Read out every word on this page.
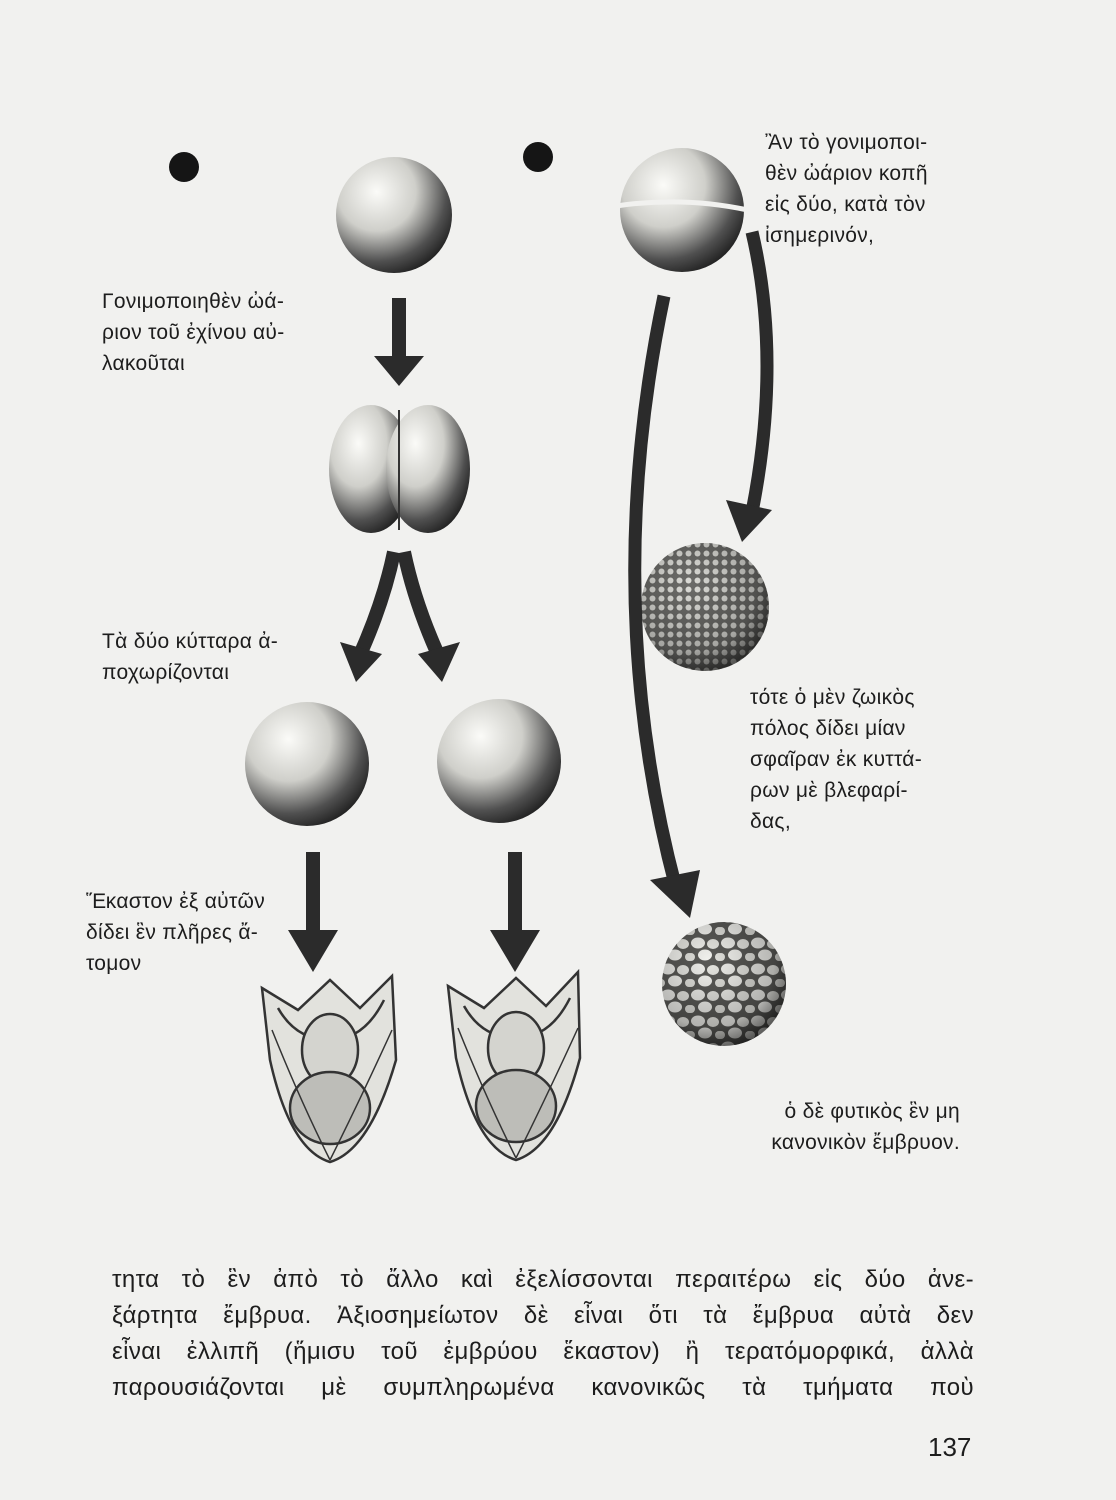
Γονιμοποιηθὲν ὠά-
ριον τοῦ ἐχίνου αὐ-
λακοῦται
Τὰ δύο κύτταρα ἀ-
ποχωρίζονται
Ἕκαστον ἐξ αὐτῶν
δίδει ἓν πλῆρες ἄ-
τομον
Ἂν τὸ γονιμοποι-
θὲν ὠάριον κοπῆ
εἰς δύο, κατὰ τὸν
ἰσημερινόν,
τότε ὁ μὲν ζωικὸς
πόλος δίδει μίαν
σφαῖραν ἐκ κυττά-
ρων μὲ βλεφαρί-
δας,
ὁ δὲ φυτικὸς ἓν μη
κανονικὸν ἔμβρυον.
τητα τὸ ἓν ἀπὸ τὸ ἄλλο καὶ ἐξελίσσονται περαιτέρω εἰς δύο ἀνε-
ξάρτητα ἔμβρυα. Ἀξιοσημείωτον δὲ εἶναι ὅτι τὰ ἔμβρυα αὐτὰ δεν
εἶναι ἐλλιπῆ (ἥμισυ τοῦ ἐμβρύου ἕκαστον) ἢ τερατόμορφικά, ἀλλὰ
παρουσιάζονται μὲ συμπληρωμένα κανονικῶς τὰ τμήματα ποὺ
137
